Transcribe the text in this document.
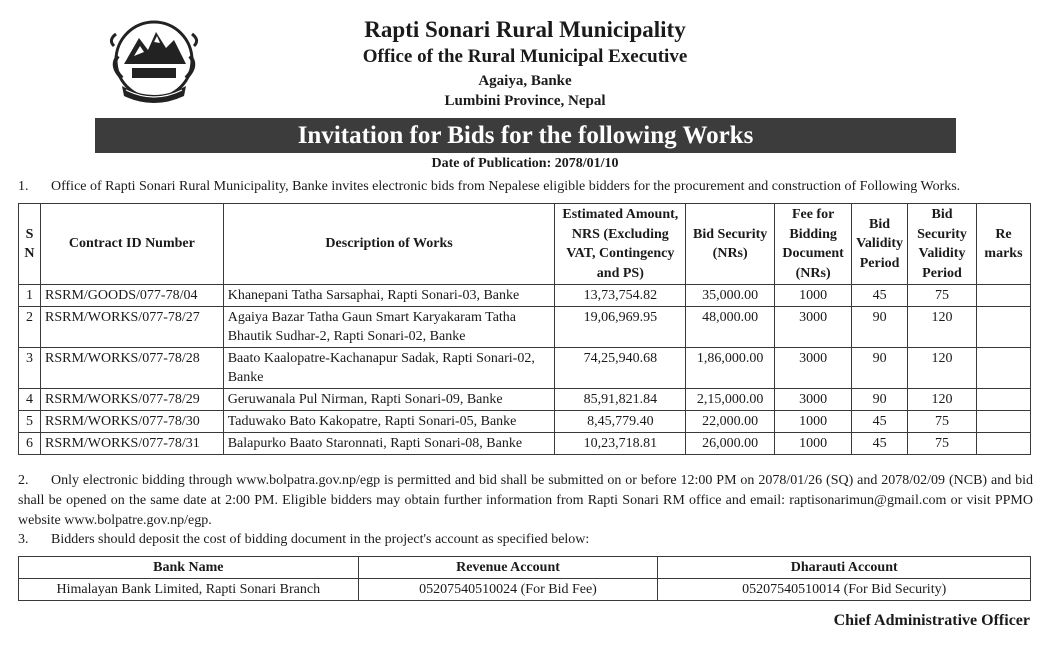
Rapti Sonari Rural Municipality
Office of the Rural Municipal Executive
Agaiya, Banke
Lumbini Province, Nepal
Invitation for Bids for the following Works
Date of Publication: 2078/01/10
1. Office of Rapti Sonari Rural Municipality, Banke invites electronic bids from Nepalese eligible bidders for the procurement and construction of Following Works.
S N	Contract ID Number	Description of Works	Estimated Amount, NRS (Excluding VAT, Contingency and PS)	Bid Security (NRs)	Fee for Bidding Document (NRs)	Bid Validity Period	Bid Security Validity Period	Re marks
1	RSRM/GOODS/077-78/04	Khanepani Tatha Sarsaphai, Rapti Sonari-03, Banke	13,73,754.82	35,000.00	1000	45	75	
2	RSRM/WORKS/077-78/27	Agaiya Bazar Tatha Gaun Smart Karyakaram Tatha Bhautik Sudhar-2, Rapti Sonari-02, Banke	19,06,969.95	48,000.00	3000	90	120	
3	RSRM/WORKS/077-78/28	Baato Kaalopatre-Kachanapur Sadak, Rapti Sonari-02, Banke	74,25,940.68	1,86,000.00	3000	90	120	
4	RSRM/WORKS/077-78/29	Geruwanala Pul Nirman, Rapti Sonari-09, Banke	85,91,821.84	2,15,000.00	3000	90	120	
5	RSRM/WORKS/077-78/30	Taduwako Bato Kakopatre, Rapti Sonari-05, Banke	8,45,779.40	22,000.00	1000	45	75	
6	RSRM/WORKS/077-78/31	Balapurko Baato Staronnati, Rapti Sonari-08, Banke	10,23,718.81	26,000.00	1000	45	75	
2. Only electronic bidding through www.bolpatra.gov.np/egp is permitted and bid shall be submitted on or before 12:00 PM on 2078/01/26 (SQ) and 2078/02/09 (NCB) and bid shall be opened on the same date at 2:00 PM. Eligible bidders may obtain further information from Rapti Sonari RM office and email: raptisonarimun@gmail.com or visit PPMO website www.bolpatre.gov.np/egp.
3. Bidders should deposit the cost of bidding document in the project's account as specified below:
Bank Name	Revenue Account	Dharauti Account
Himalayan Bank Limited, Rapti Sonari Branch	05207540510024 (For Bid Fee)	05207540510014 (For Bid Security)
Chief Administrative Officer
